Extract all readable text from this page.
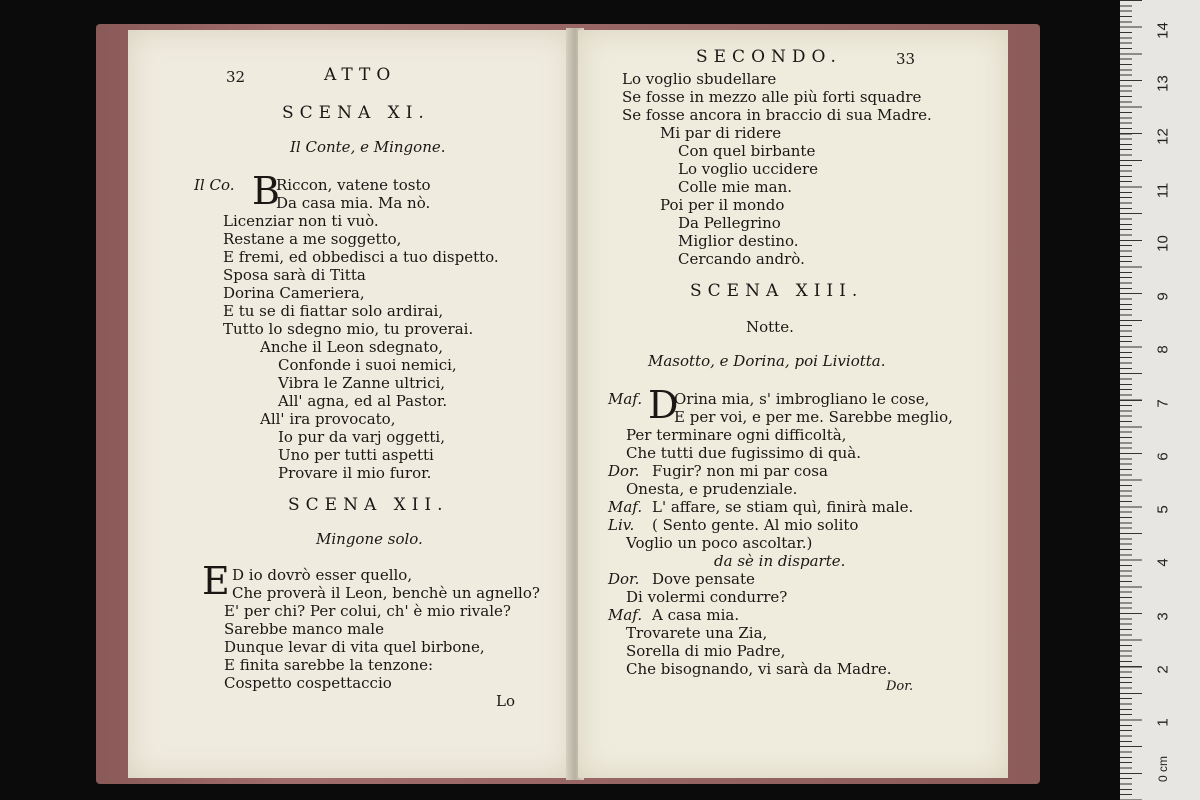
32	ATTO
SCENA XI.
Il Conte, e Mingone.
Il Co. B
Riccon, vatene tosto
Da casa mia. Ma nò.
Licenziar non ti vuò.
Restane a me soggetto,
E fremi, ed obbedisci a tuo dispetto.
Sposa sarà di Titta
Dorina Cameriera,
E tu se di fiattar solo ardirai,
Tutto lo sdegno mio, tu proverai.
Anche il Leon sdegnato,
Confonde i suoi nemici,
Vibra le Zanne ultrici,
All' agna, ed al Pastor.
All' ira provocato,
Io pur da varj oggetti,
Uno per tutti aspetti
Provare il mio furor.
SCENA XII.
Mingone solo.
E D io dovrò esser quello,
Che proverà il Leon, benchè un agnello?
E' per chi? Per colui, ch' è mio rivale?
Sarebbe manco male
Dunque levar di vita quel birbone,
E finita sarebbe la tenzone:
Cospetto cospettaccio
Lo
SECONDO.	33
Lo voglio sbudellare
Se fosse in mezzo alle più forti squadre
Se fosse ancora in braccio di sua Madre.
Mi par di ridere
Con quel birbante
Lo voglio uccidere
Colle mie man.
Poi per il mondo
Da Pellegrino
Miglior destino.
Cercando andrò.
SCENA XIII.
Notte.
Masotto, e Dorina, poi Liviotta.
Maf. D
Orina mia, s' imbrogliano le cose,
E per voi, e per me. Sarebbe meglio,
Per terminare ogni difficoltà,
Che tutti due fugissimo di quà.
Dor. Fugir? non mi par cosa
Onesta, e prudenziale.
Maf. L' affare, se stiam quì, finirà male.
Liv. ( Sento gente. Al mio solito
Voglio un poco ascoltar.)
da sè in disparte.
Dor. Dove pensate
Di volermi condurre?
Maf. A casa mia.
Trovarete una Zia,
Sorella di mio Padre,
Che bisognando, vi sarà da Madre.
Dor.
14
13
12
11
10
9
8
7
6
5
4
3
2
1
0 cm
